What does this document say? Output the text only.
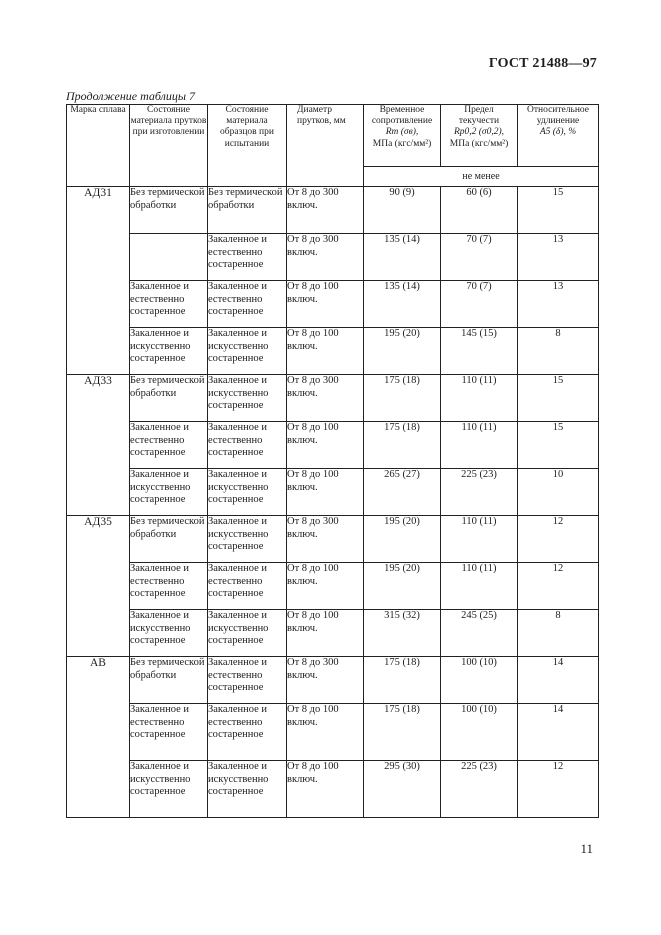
ГОСТ 21488—97
Продолжение таблицы 7
Марка сплава	Состояние материала прутков при изготовлении	Состояние материала образцов при испытании	Диаметр прутков, мм	Временное
сопротивление
Rm (σв),
МПа (кгс/мм²)	Предел
текучести
Rp0,2 (σ0,2),
МПа (кгс/мм²)	Относительное
удлинение
A5 (δ), %
				не менее		
АД31	Без термической обработки	Без термической обработки	От 8 до 300 включ.	90 (9)	60 (6)	15
		Закаленное и естественно состаренное	От 8 до 300 включ.	135 (14)	70 (7)	13
	Закаленное и естественно состаренное	Закаленное и естественно состаренное	От 8 до 100 включ.	135 (14)	70 (7)	13
	Закаленное и искусственно состаренное	Закаленное и искусственно состаренное	От 8 до 100 включ.	195 (20)	145 (15)	8
АД33	Без термической обработки	Закаленное и искусственно состаренное	От 8 до 300 включ.	175 (18)	110 (11)	15
	Закаленное и естественно состаренное	Закаленное и естественно состаренное	От 8 до 100 включ.	175 (18)	110 (11)	15
	Закаленное и искусственно состаренное	Закаленное и искусственно состаренное	От 8 до 100 включ.	265 (27)	225 (23)	10
АД35	Без термической обработки	Закаленное и искусственно состаренное	От 8 до 300 включ.	195 (20)	110 (11)	12
	Закаленное и естественно состаренное	Закаленное и естественно состаренное	От 8 до 100 включ.	195 (20)	110 (11)	12
	Закаленное и искусственно состаренное	Закаленное и искусственно состаренное	От 8 до 100 включ.	315 (32)	245 (25)	8
АВ	Без термической обработки	Закаленное и естественно состаренное	От 8 до 300 включ.	175 (18)	100 (10)	14
	Закаленное и естественно состаренное	Закаленное и естественно состаренное	От 8 до 100 включ.	175 (18)	100 (10)	14
	Закаленное и искусственно состаренное	Закаленное и искусственно состаренное	От 8 до 100 включ.	295 (30)	225 (23)	12
11
